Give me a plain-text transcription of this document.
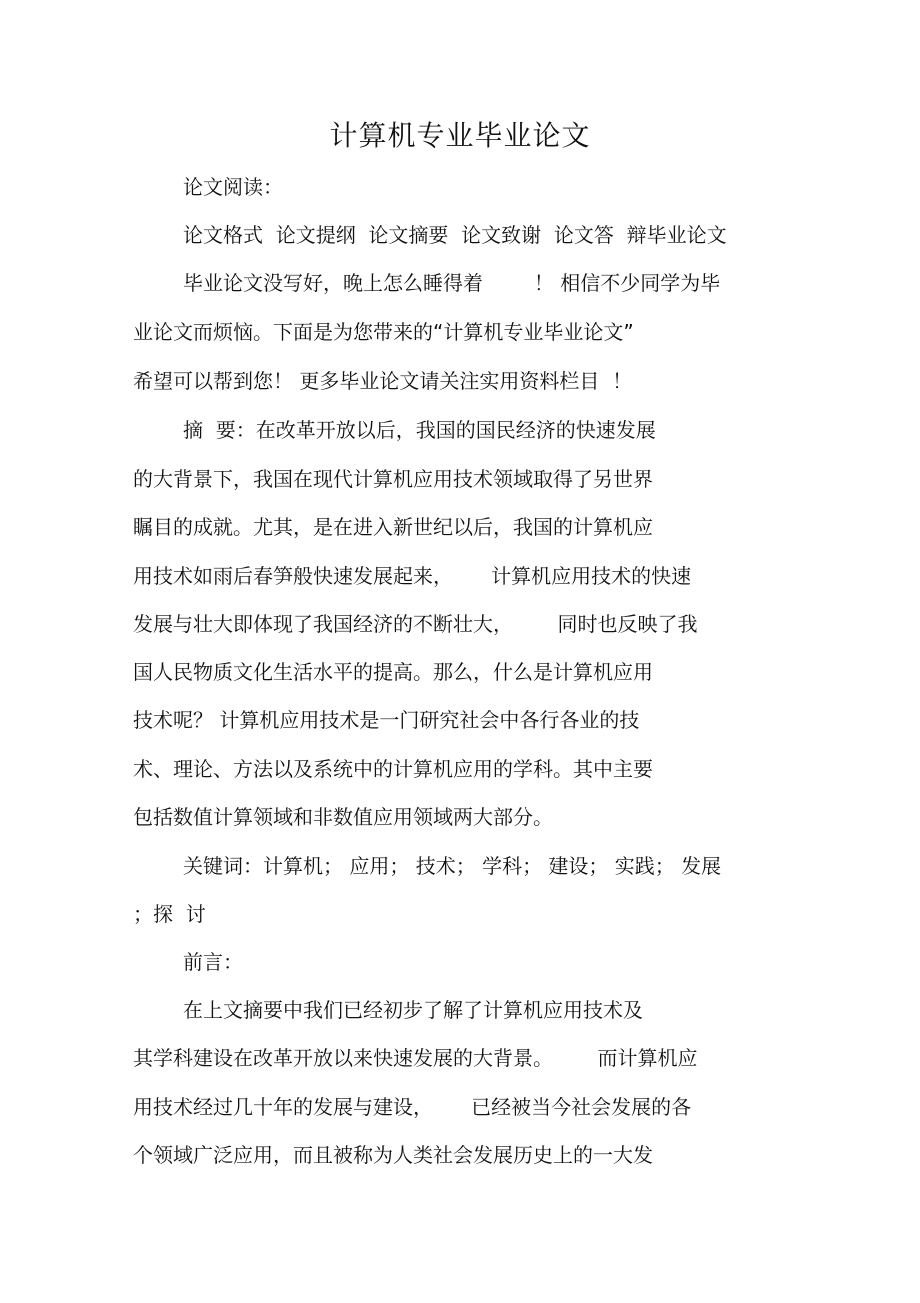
计算机专业毕业论文
论文阅读：
论文格式  论文提纲  论文摘要  论文致谢  论文答  辩毕业论文
毕业论文没写好，晚上怎么睡得着        ！ 相信不少同学为毕
业论文而烦恼。下面是为您带来的“计算机专业毕业论文”
希望可以帮到您！ 更多毕业论文请关注实用资料栏目  ！
摘  要：在改革开放以后，我国的国民经济的快速发展
的大背景下，我国在现代计算机应用技术领域取得了另世界
瞩目的成就。尤其，是在进入新世纪以后，我国的计算机应
用技术如雨后春笋般快速发展起来，      计算机应用技术的快速
发展与壮大即体现了我国经济的不断壮大，       同时也反映了我
国人民物质文化生活水平的提高。那么，什么是计算机应用
技术呢？ 计算机应用技术是一门研究社会中各行各业的技
术、理论、方法以及系统中的计算机应用的学科。其中主要
包括数值计算领域和非数值应用领域两大部分。
关键词：计算机； 应用； 技术； 学科； 建设； 实践； 发展
；探  讨
前言：
在上文摘要中我们已经初步了解了计算机应用技术及
其学科建设在改革开放以来快速发展的大背景。       而计算机应
用技术经过几十年的发展与建设，      已经被当今社会发展的各
个领域广泛应用，而且被称为人类社会发展历史上的一大发
